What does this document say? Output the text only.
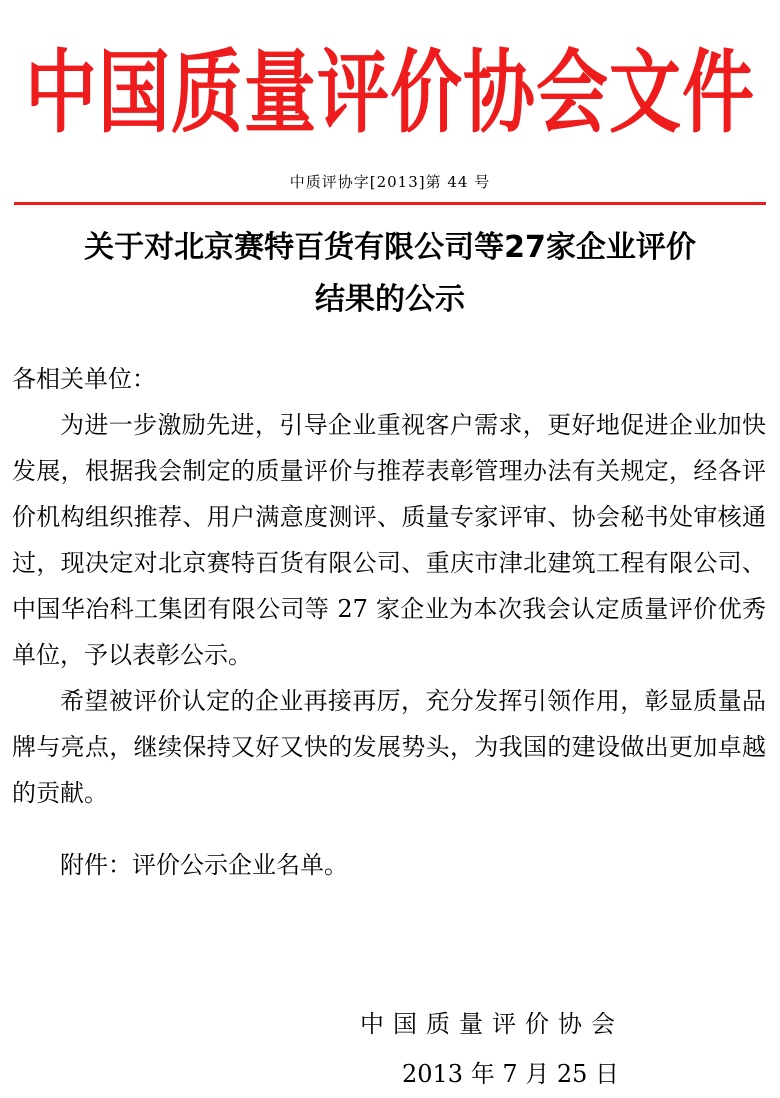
中国质量评价协会文件
中质评协字[2013]第 44 号
关于对北京赛特百货有限公司等27家企业评价
结果的公示

各相关单位：

为进一步激励先进，引导企业重视客户需求，更好地促进企业加快发展，根据我会制定的质量评价与推荐表彰管理办法有关规定，经各评价机构组织推荐、用户满意度测评、质量专家评审、协会秘书处审核通过，现决定对北京赛特百货有限公司、重庆市津北建筑工程有限公司、中国华冶科工集团有限公司等 27 家企业为本次我会认定质量评价优秀单位，予以表彰公示。

希望被评价认定的企业再接再厉，充分发挥引领作用，彰显质量品牌与亮点，继续保持又好又快的发展势头，为我国的建设做出更加卓越的贡献。

附件：评价公示企业名单。
中国质量评价协会
2013 年 7 月 25 日
